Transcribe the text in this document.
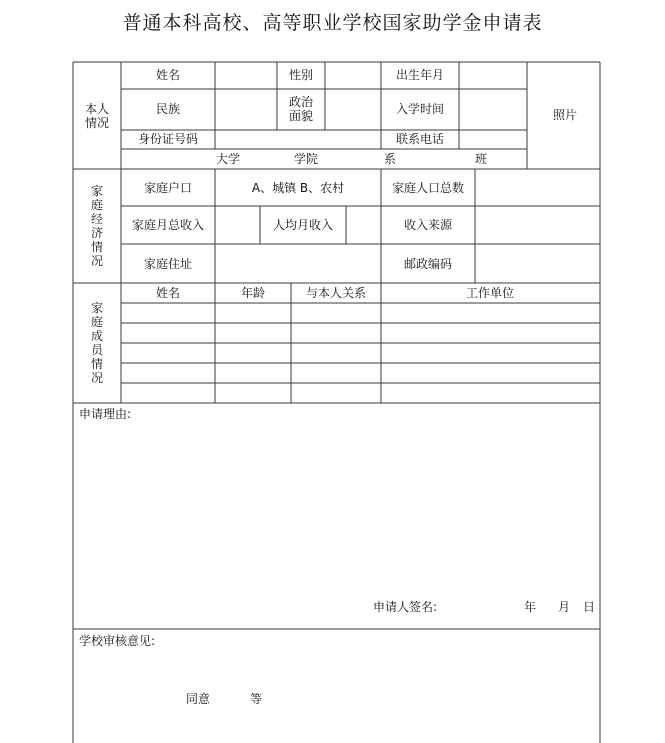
普通本科高校、高等职业学校国家助学金申请表
本人情况
姓名	性别	出生年月
照片
民族	政治面貌	入学时间
身份证号码	联系电话
大学	学院	系	班
家庭经济情况
家庭户口	A、城镇 B、农村	家庭人口总数
家庭月总收入	人均月收入	收入来源
家庭住址	邮政编码
家庭成员情况
姓名	年龄	与本人关系	工作单位
申请理由:
申请人签名:	年 月 日
学校审核意见:
同意	等
